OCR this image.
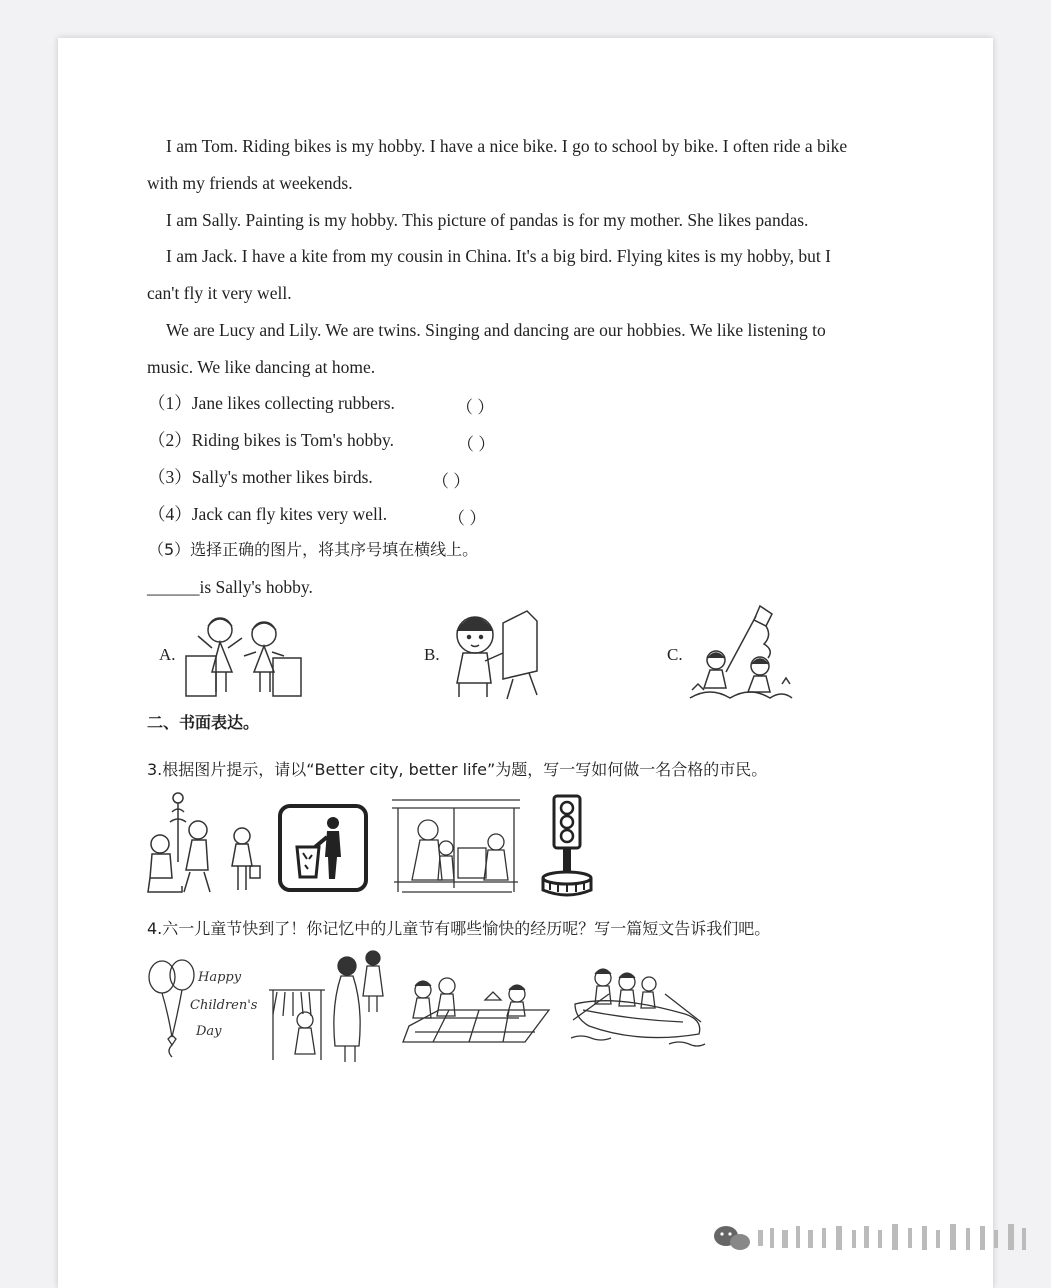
I am Tom. Riding bikes is my hobby. I have a nice bike. I go to school by bike. I often ride a bike
with my friends at weekends.
I am Sally. Painting is my hobby. This picture of pandas is for my mother. She likes pandas.
I am Jack. I have a kite from my cousin in China. It's a big bird. Flying kites is my hobby, but I
can't fly it very well.
We are Lucy and Lily. We are twins. Singing and dancing are our hobbies. We like listening to
music. We like dancing at home.
（1）Jane likes collecting rubbers.	（ ）
（2）Riding bikes is Tom's hobby.	（ ）
（3）Sally's mother likes birds.	（ ）
（4）Jack can fly kites very well.	（ ）
（5）选择正确的图片，将其序号填在横线上。
______is Sally's hobby.
A.	B.	C.
二、书面表达。
3.根据图片提示，请以“Better city, better life”为题，写一写如何做一名合格的市民。
4.六一儿童节快到了！你记忆中的儿童节有哪些愉快的经历呢？写一篇短文告诉我们吧。
Happy
Children's
Day
